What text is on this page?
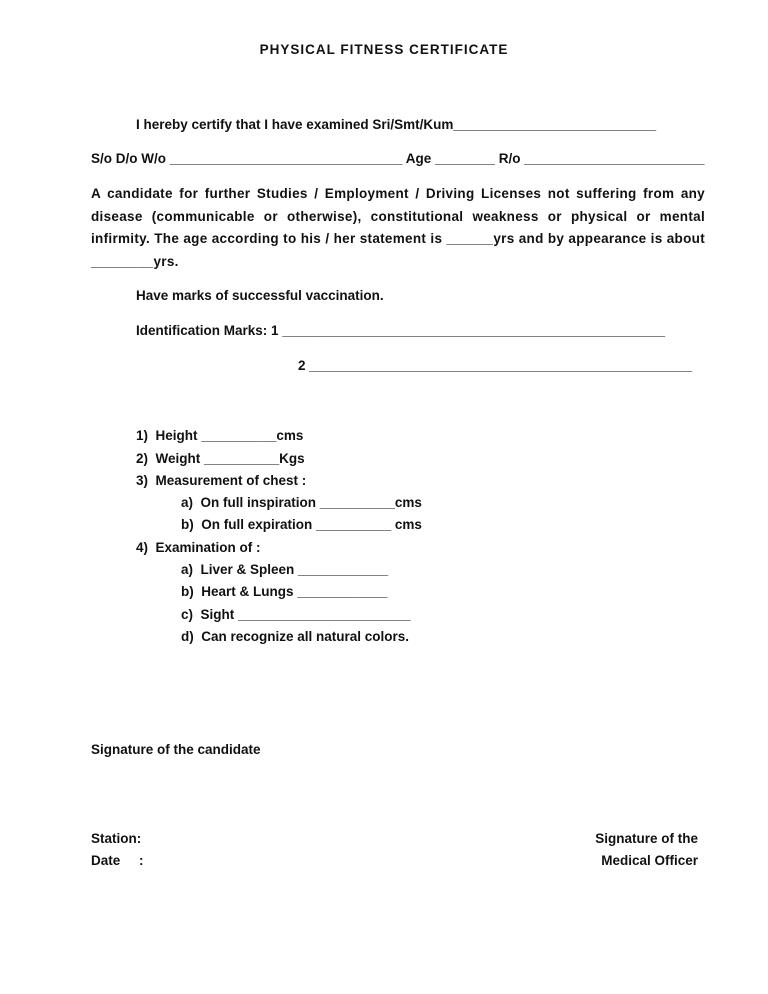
PHYSICAL FITNESS CERTIFICATE
I hereby certify that I have examined Sri/Smt/Kum___________________________
S/o D/o W/o _______________________________ Age ________ R/o ________________________
A candidate for further Studies / Employment / Driving Licenses not suffering from any disease (communicable or otherwise), constitutional weakness or physical or mental infirmity. The age according to his / her statement is ______yrs and by appearance is about ________yrs.
Have marks of successful vaccination.
Identification Marks: 1 ___________________________________________________
2 ___________________________________________________
1)  Height __________cms
2)  Weight __________Kgs
3)  Measurement of chest :
a)  On full inspiration __________cms
b)  On full expiration __________ cms
4)  Examination of :
a)  Liver & Spleen ____________
b)  Heart & Lungs ____________
c)  Sight _______________________
d)  Can recognize all natural colors.
Signature of the candidate
Station:
Date     :
Signature of the
Medical Officer
